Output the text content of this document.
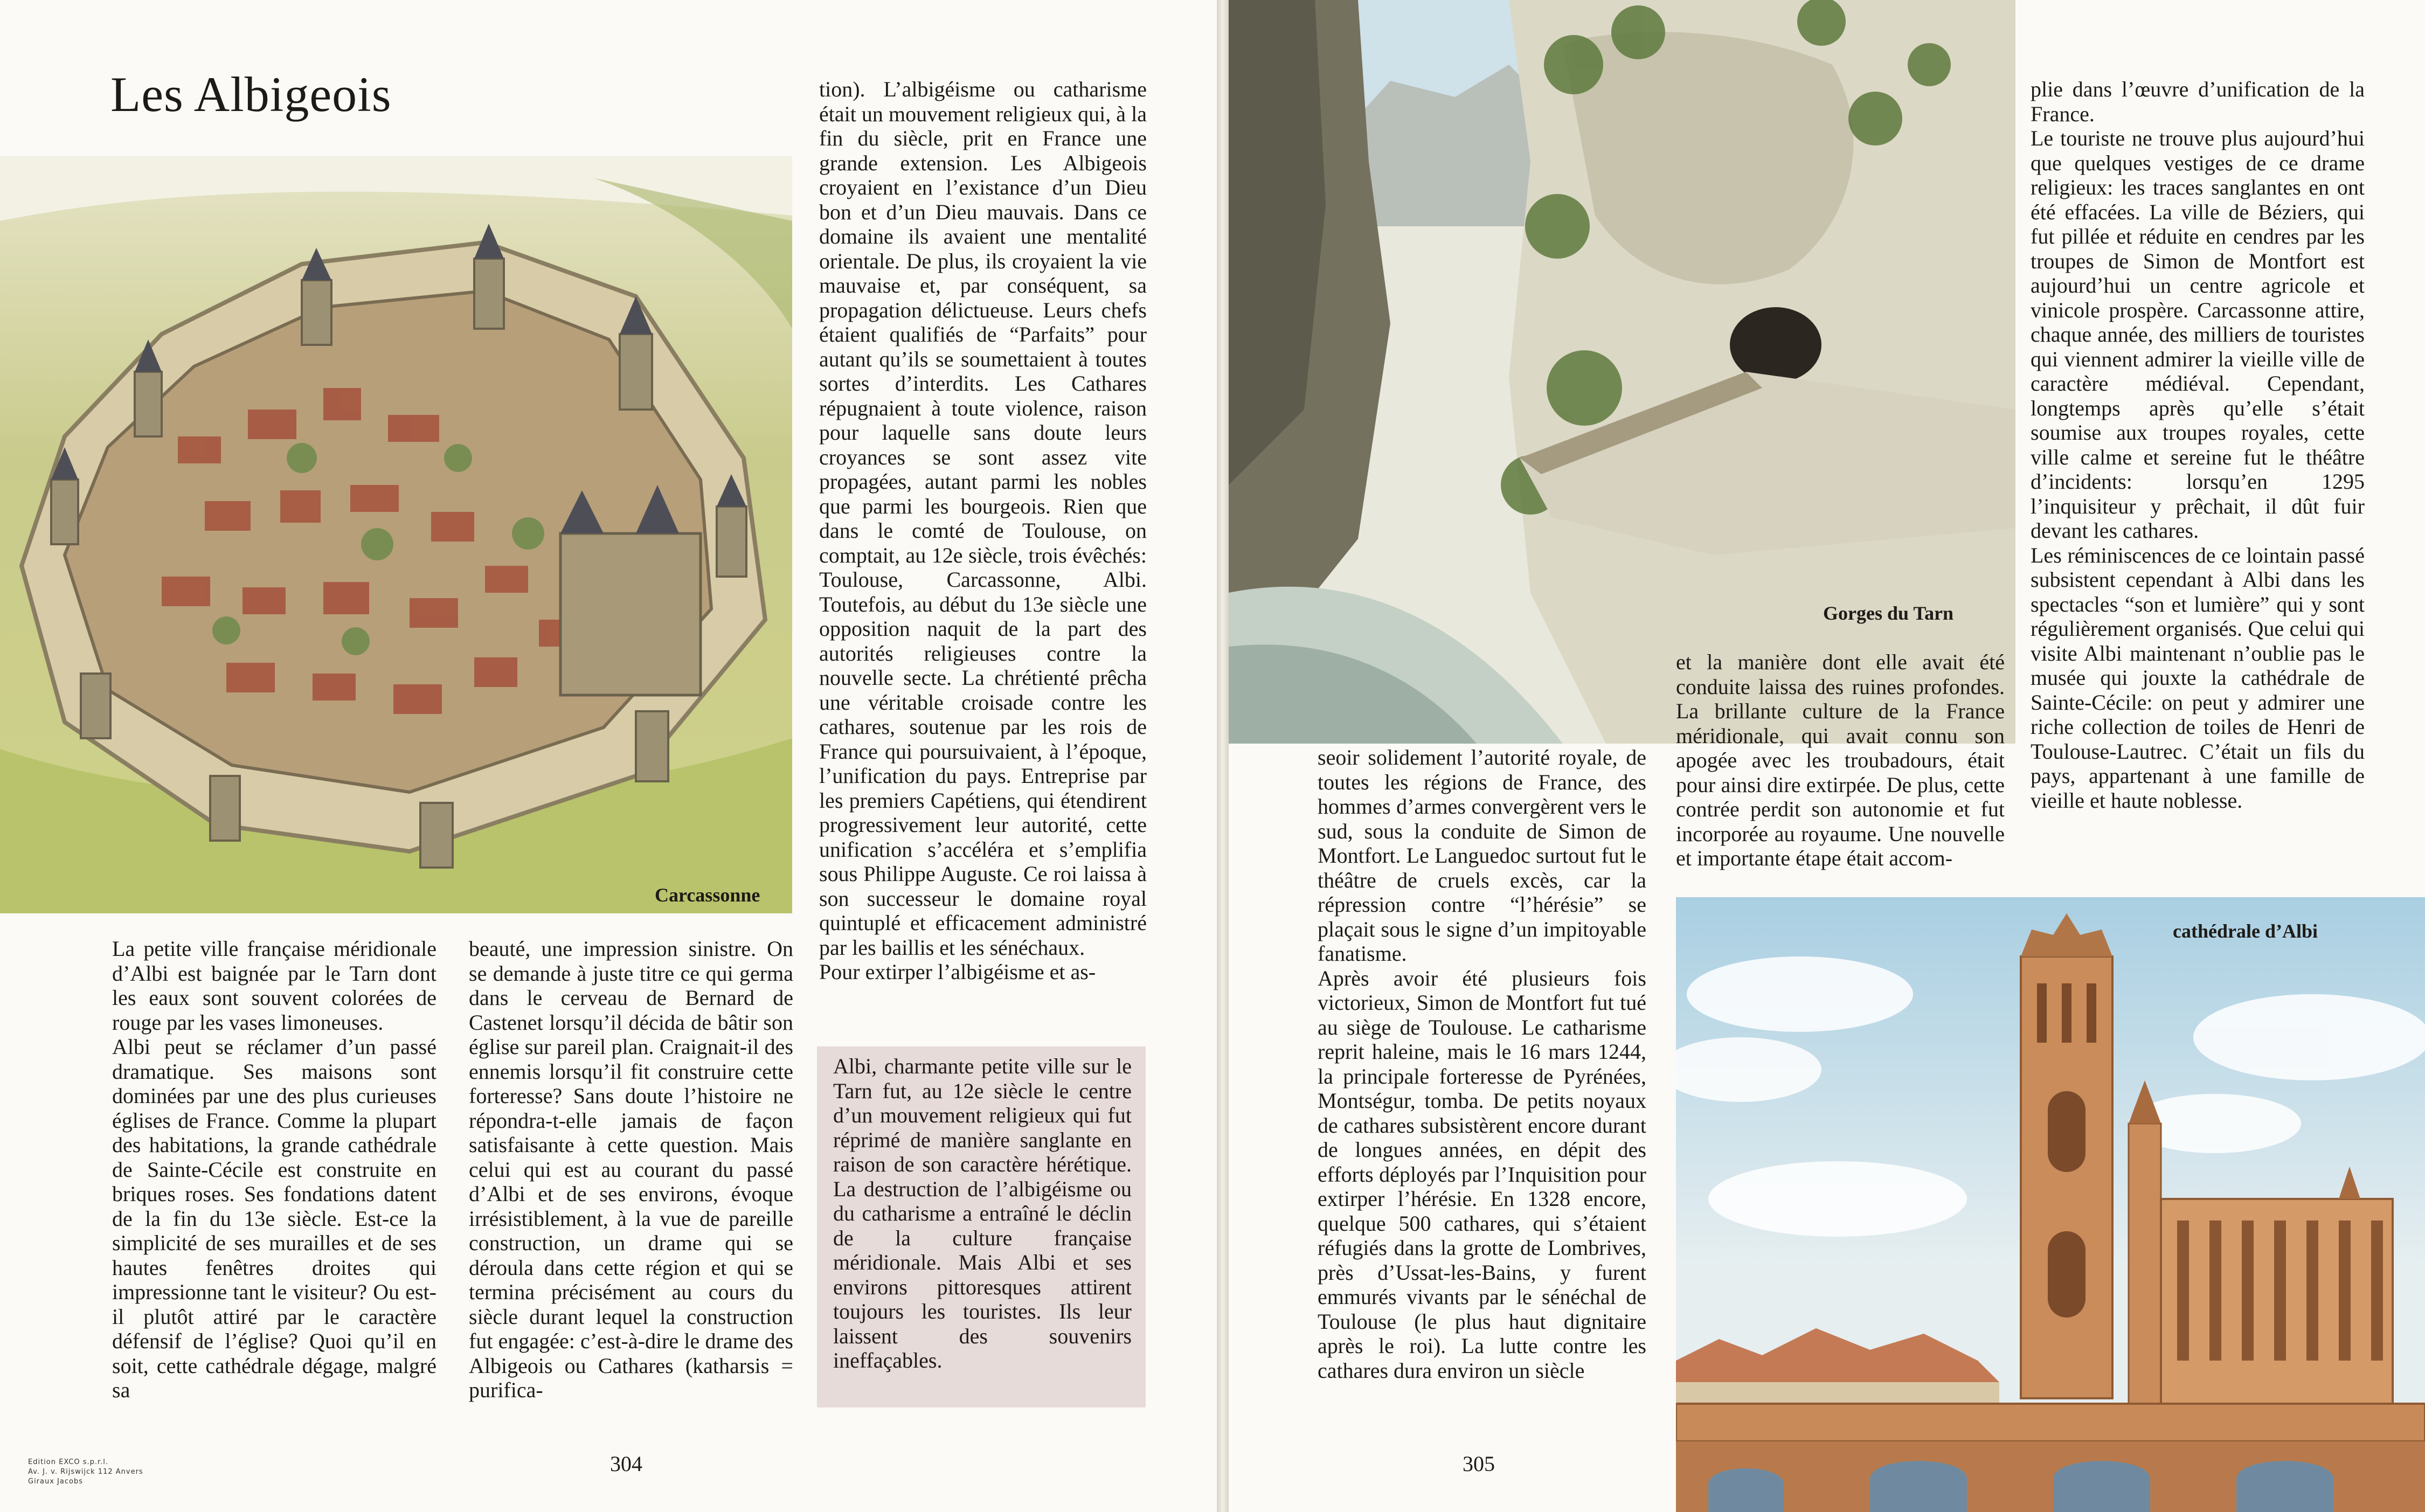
Les Albigeois
Carcassonne

La petite ville française méridionale d’Albi est baignée par le Tarn dont les eaux sont souvent colorées de rouge par les vases limoneuses.

Albi peut se réclamer d’un passé dramatique. Ses maisons sont dominées par une des plus curieuses églises de France. Comme la plupart des habitations, la grande cathédrale de Sainte-Cécile est construite en briques roses. Ses fondations datent de la fin du 13e siècle. Est-ce la simplicité de ses murailles et de ses hautes fenêtres droites qui impressionne tant le visiteur? Ou est-il plutôt attiré par le caractère défensif de l’église? Quoi qu’il en soit, cette cathédrale dégage, malgré sa

beauté, une impression sinistre. On se demande à juste titre ce qui germa dans le cerveau de Bernard de Castenet lorsqu’il décida de bâtir son église sur pareil plan. Craignait-il des ennemis lorsqu’il fit construire cette forteresse? Sans doute l’histoire ne répondra-t-elle jamais de façon satisfaisante à cette question. Mais celui qui est au courant du passé d’Albi et de ses environs, évoque irrésistiblement, à la vue de pareille construction, un drame qui se déroula dans cette région et qui se termina précisément au cours du siècle durant lequel la construction fut engagée: c’est-à-dire le drame des Albigeois ou Cathares (katharsis = purifica-

tion). L’albigéisme ou catharisme était un mouvement religieux qui, à la fin du siècle, prit en France une grande extension. Les Albigeois croyaient en l’existance d’un Dieu bon et d’un Dieu mauvais. Dans ce domaine ils avaient une mentalité orientale. De plus, ils croyaient la vie mauvaise et, par conséquent, sa propagation délictueuse. Leurs chefs étaient qualifiés de “Parfaits” pour autant qu’ils se soumettaient à toutes sortes d’interdits. Les Cathares répugnaient à toute violence, raison pour laquelle sans doute leurs croyances se sont assez vite propagées, autant parmi les nobles que parmi les bourgeois. Rien que dans le comté de Toulouse, on comptait, au 12e siècle, trois évêchés: Toulouse, Carcassonne, Albi. Toutefois, au début du 13e siècle une opposition naquit de la part des autorités religieuses contre la nouvelle secte. La chrétienté prêcha une véritable croisade contre les cathares, soutenue par les rois de France qui poursuivaient, à l’époque, l’unification du pays. Entreprise par les premiers Capétiens, qui étendirent progressivement leur autorité, cette unification s’accéléra et s’emplifia sous Philippe Auguste. Ce roi laissa à son successeur le domaine royal quintuplé et efficacement administré par les baillis et les sénéchaux.

Pour extirper l’albigéisme et as-

Albi, charmante petite ville sur le Tarn fut, au 12e siècle le centre d’un mouvement religieux qui fut réprimé de manière sanglante en raison de son caractère hérétique. La destruction de l’albigéisme ou du catharisme a entraîné le déclin de la culture française méridionale. Mais Albi et ses environs pittoresques attirent toujours les touristes. Ils leur laissent des souvenirs ineffaçables.
304
Edition EXCO s.p.r.l.
Av. J. v. Rijswijck 112 Anvers
Giraux Jacobs
Gorges du Tarn

seoir solidement l’autorité royale, de toutes les régions de France, des hommes d’armes convergèrent vers le sud, sous la conduite de Simon de Montfort. Le Languedoc surtout fut le théâtre de cruels excès, car la répression contre “l’hérésie” se plaçait sous le signe d’un impitoyable fanatisme.

Après avoir été plusieurs fois victorieux, Simon de Montfort fut tué au siège de Toulouse. Le catharisme reprit haleine, mais le 16 mars 1244, la principale forteresse de Pyrénées, Montségur, tomba. De petits noyaux de cathares subsistèrent encore durant de longues années, en dépit des efforts déployés par l’Inquisition pour extirper l’hérésie. En 1328 encore, quelque 500 cathares, qui s’étaient réfugiés dans la grotte de Lombrives, près d’Ussat-les-Bains, y furent emmurés vivants par le sénéchal de Toulouse (le plus haut dignitaire après le roi). La lutte contre les cathares dura environ un siècle

et la manière dont elle avait été conduite laissa des ruines profondes. La brillante culture de la France méridionale, qui avait connu son apogée avec les troubadours, était pour ainsi dire extirpée. De plus, cette contrée perdit son autonomie et fut incorporée au royaume. Une nouvelle et importante étape était accom-

plie dans l’œuvre d’unification de la France.

Le touriste ne trouve plus aujourd’hui que quelques vestiges de ce drame religieux: les traces sanglantes en ont été effacées. La ville de Béziers, qui fut pillée et réduite en cendres par les troupes de Simon de Montfort est aujourd’hui un centre agricole et vinicole prospère. Carcassonne attire, chaque année, des milliers de touristes qui viennent admirer la vieille ville de caractère médiéval. Cependant, longtemps après qu’elle s’était soumise aux troupes royales, cette ville calme et sereine fut le théâtre d’incidents: lorsqu’en 1295 l’inquisiteur y prêchait, il dût fuir devant les cathares.

Les réminiscences de ce lointain passé subsistent cependant à Albi dans les spectacles “son et lumière” qui y sont régulièrement organisés. Que celui qui visite Albi maintenant n’oublie pas le musée qui jouxte la cathédrale de Sainte-Cécile: on peut y admirer une riche collection de toiles de Henri de Toulouse-Lautrec. C’était un fils du pays, appartenant à une famille de vieille et haute noblesse.

cathédrale d’Albi
305
